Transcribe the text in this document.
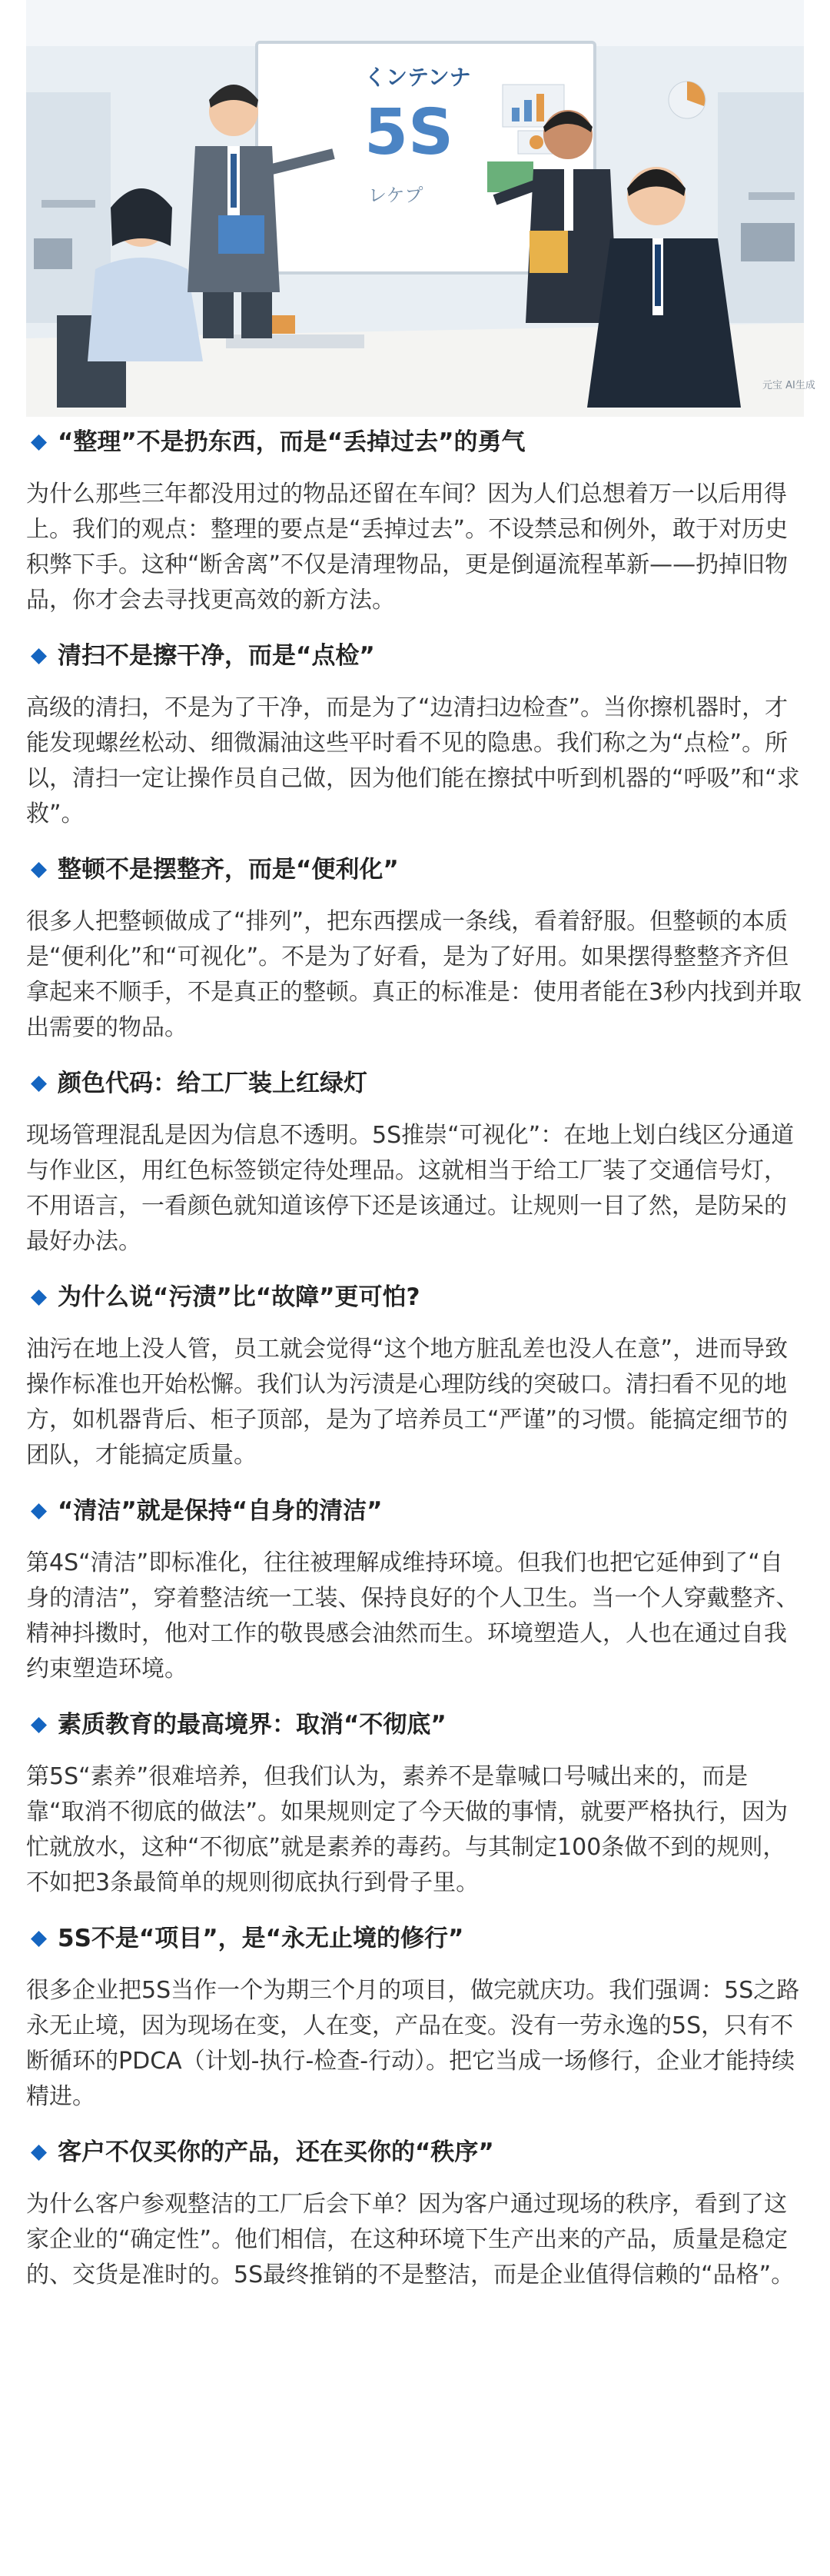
くンテンナ
5S
レケプ
元宝 AI生成
“整理”不是扔东西，而是“丢掉过去”的勇气

为什么那些三年都没用过的物品还留在车间？因为人们总想着万一以后用得上。我们的观点：整理的要点是“丢掉过去”。不设禁忌和例外，敢于对历史积弊下手。这种“断舍离”不仅是清理物品，更是倒逼流程革新——扔掉旧物品，你才会去寻找更高效的新方法。

清扫不是擦干净，而是“点检”

高级的清扫，不是为了干净，而是为了“边清扫边检查”。当你擦机器时，才能发现螺丝松动、细微漏油这些平时看不见的隐患。我们称之为“点检”。所以，清扫一定让操作员自己做，因为他们能在擦拭中听到机器的“呼吸”和“求救”。

整顿不是摆整齐，而是“便利化”

很多人把整顿做成了“排列”，把东西摆成一条线，看着舒服。但整顿的本质是“便利化”和“可视化”。不是为了好看，是为了好用。如果摆得整整齐齐但拿起来不顺手，不是真正的整顿。真正的标准是：使用者能在3秒内找到并取出需要的物品。

颜色代码：给工厂装上红绿灯

现场管理混乱是因为信息不透明。5S推崇“可视化”：在地上划白线区分通道与作业区，用红色标签锁定待处理品。这就相当于给工厂装了交通信号灯，不用语言，一看颜色就知道该停下还是该通过。让规则一目了然，是防呆的最好办法。

为什么说“污渍”比“故障”更可怕?

油污在地上没人管，员工就会觉得“这个地方脏乱差也没人在意”，进而导致操作标准也开始松懈。我们认为污渍是心理防线的突破口。清扫看不见的地方，如机器背后、柜子顶部，是为了培养员工“严谨”的习惯。能搞定细节的团队，才能搞定质量。

“清洁”就是保持“自身的清洁”

第4S“清洁”即标准化，往往被理解成维持环境。但我们也把它延伸到了“自身的清洁”，穿着整洁统一工装、保持良好的个人卫生。当一个人穿戴整齐、精神抖擞时，他对工作的敬畏感会油然而生。环境塑造人，人也在通过自我约束塑造环境。

素质教育的最高境界：取消“不彻底”

第5S“素养”很难培养，但我们认为，素养不是靠喊口号喊出来的，而是靠“取消不彻底的做法”。如果规则定了今天做的事情，就要严格执行，因为忙就放水，这种“不彻底”就是素养的毒药。与其制定100条做不到的规则，不如把3条最简单的规则彻底执行到骨子里。

5S不是“项目”，是“永无止境的修行”

很多企业把5S当作一个为期三个月的项目，做完就庆功。我们强调：5S之路永无止境，因为现场在变，人在变，产品在变。没有一劳永逸的5S，只有不断循环的PDCA（计划-执行-检查-行动）。把它当成一场修行，企业才能持续精进。

客户不仅买你的产品，还在买你的“秩序”

为什么客户参观整洁的工厂后会下单？因为客户通过现场的秩序，看到了这家企业的“确定性”。他们相信，在这种环境下生产出来的产品，质量是稳定的、交货是准时的。5S最终推销的不是整洁，而是企业值得信赖的“品格”。
